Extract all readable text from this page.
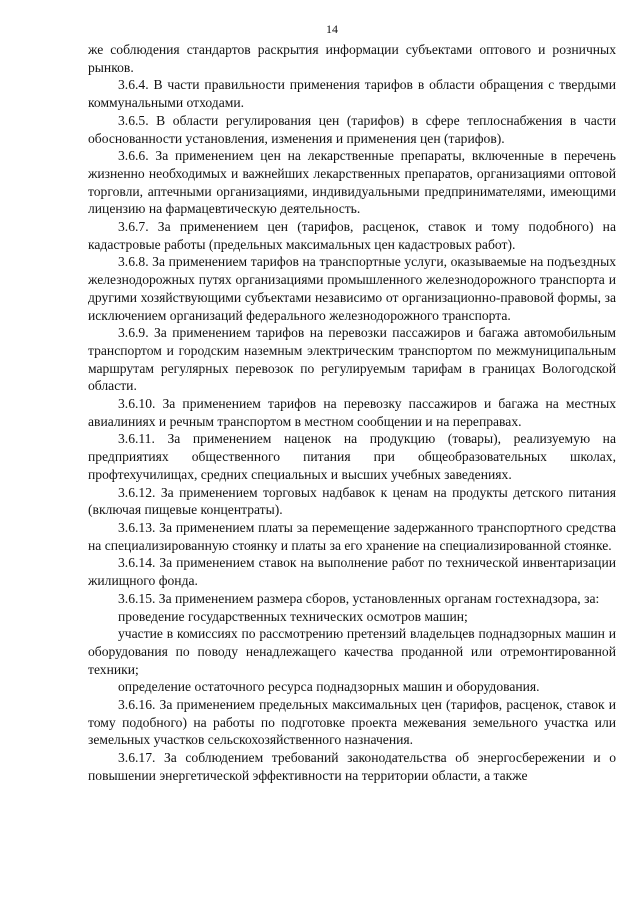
14

же соблюдения стандартов раскрытия информации субъектами оптового и розничных рынков.

3.6.4. В части правильности применения тарифов в области обращения с твердыми коммунальными отходами.

3.6.5. В области регулирования цен (тарифов) в сфере теплоснабжения в части обоснованности установления, изменения и применения цен (тарифов).

3.6.6. За применением цен на лекарственные препараты, включенные в перечень жизненно необходимых и важнейших лекарственных препаратов, организациями оптовой торговли, аптечными организациями, индивидуальными предпринимателями, имеющими лицензию на фармацевтическую деятельность.

3.6.7. За применением цен (тарифов, расценок, ставок и тому подобного) на кадастровые работы (предельных максимальных цен кадастровых работ).

3.6.8. За применением тарифов на транспортные услуги, оказываемые на подъездных железнодорожных путях организациями промышленного железнодорожного транспорта и другими хозяйствующими субъектами независимо от организационно-правовой формы, за исключением организаций федерального железнодорожного транспорта.

3.6.9. За применением тарифов на перевозки пассажиров и багажа автомобильным транспортом и городским наземным электрическим транспортом по межмуниципальным маршрутам регулярных перевозок по регулируемым тарифам в границах Вологодской области.

3.6.10. За применением тарифов на перевозку пассажиров и багажа на местных авиалиниях и речным транспортом в местном сообщении и на переправах.

3.6.11. За применением наценок на продукцию (товары), реализуемую на предприятиях общественного питания при общеобразовательных школах, профтехучилищах, средних специальных и высших учебных заведениях.

3.6.12. За применением торговых надбавок к ценам на продукты детского питания (включая пищевые концентраты).

3.6.13. За применением платы за перемещение задержанного транспортного средства на специализированную стоянку и платы за его хранение на специализированной стоянке.

3.6.14. За применением ставок на выполнение работ по технической инвентаризации жилищного фонда.

3.6.15. За применением размера сборов, установленных органам гостехнадзора, за:

проведение государственных технических осмотров машин;

участие в комиссиях по рассмотрению претензий владельцев поднадзорных машин и оборудования по поводу ненадлежащего качества проданной или отремонтированной техники;

определение остаточного ресурса поднадзорных машин и оборудования.

3.6.16. За применением предельных максимальных цен (тарифов, расценок, ставок и тому подобного) на работы по подготовке проекта межевания земельного участка или земельных участков сельскохозяйственного назначения.

3.6.17. За соблюдением требований законодательства об энергосбережении и о повышении энергетической эффективности на территории области, а также
